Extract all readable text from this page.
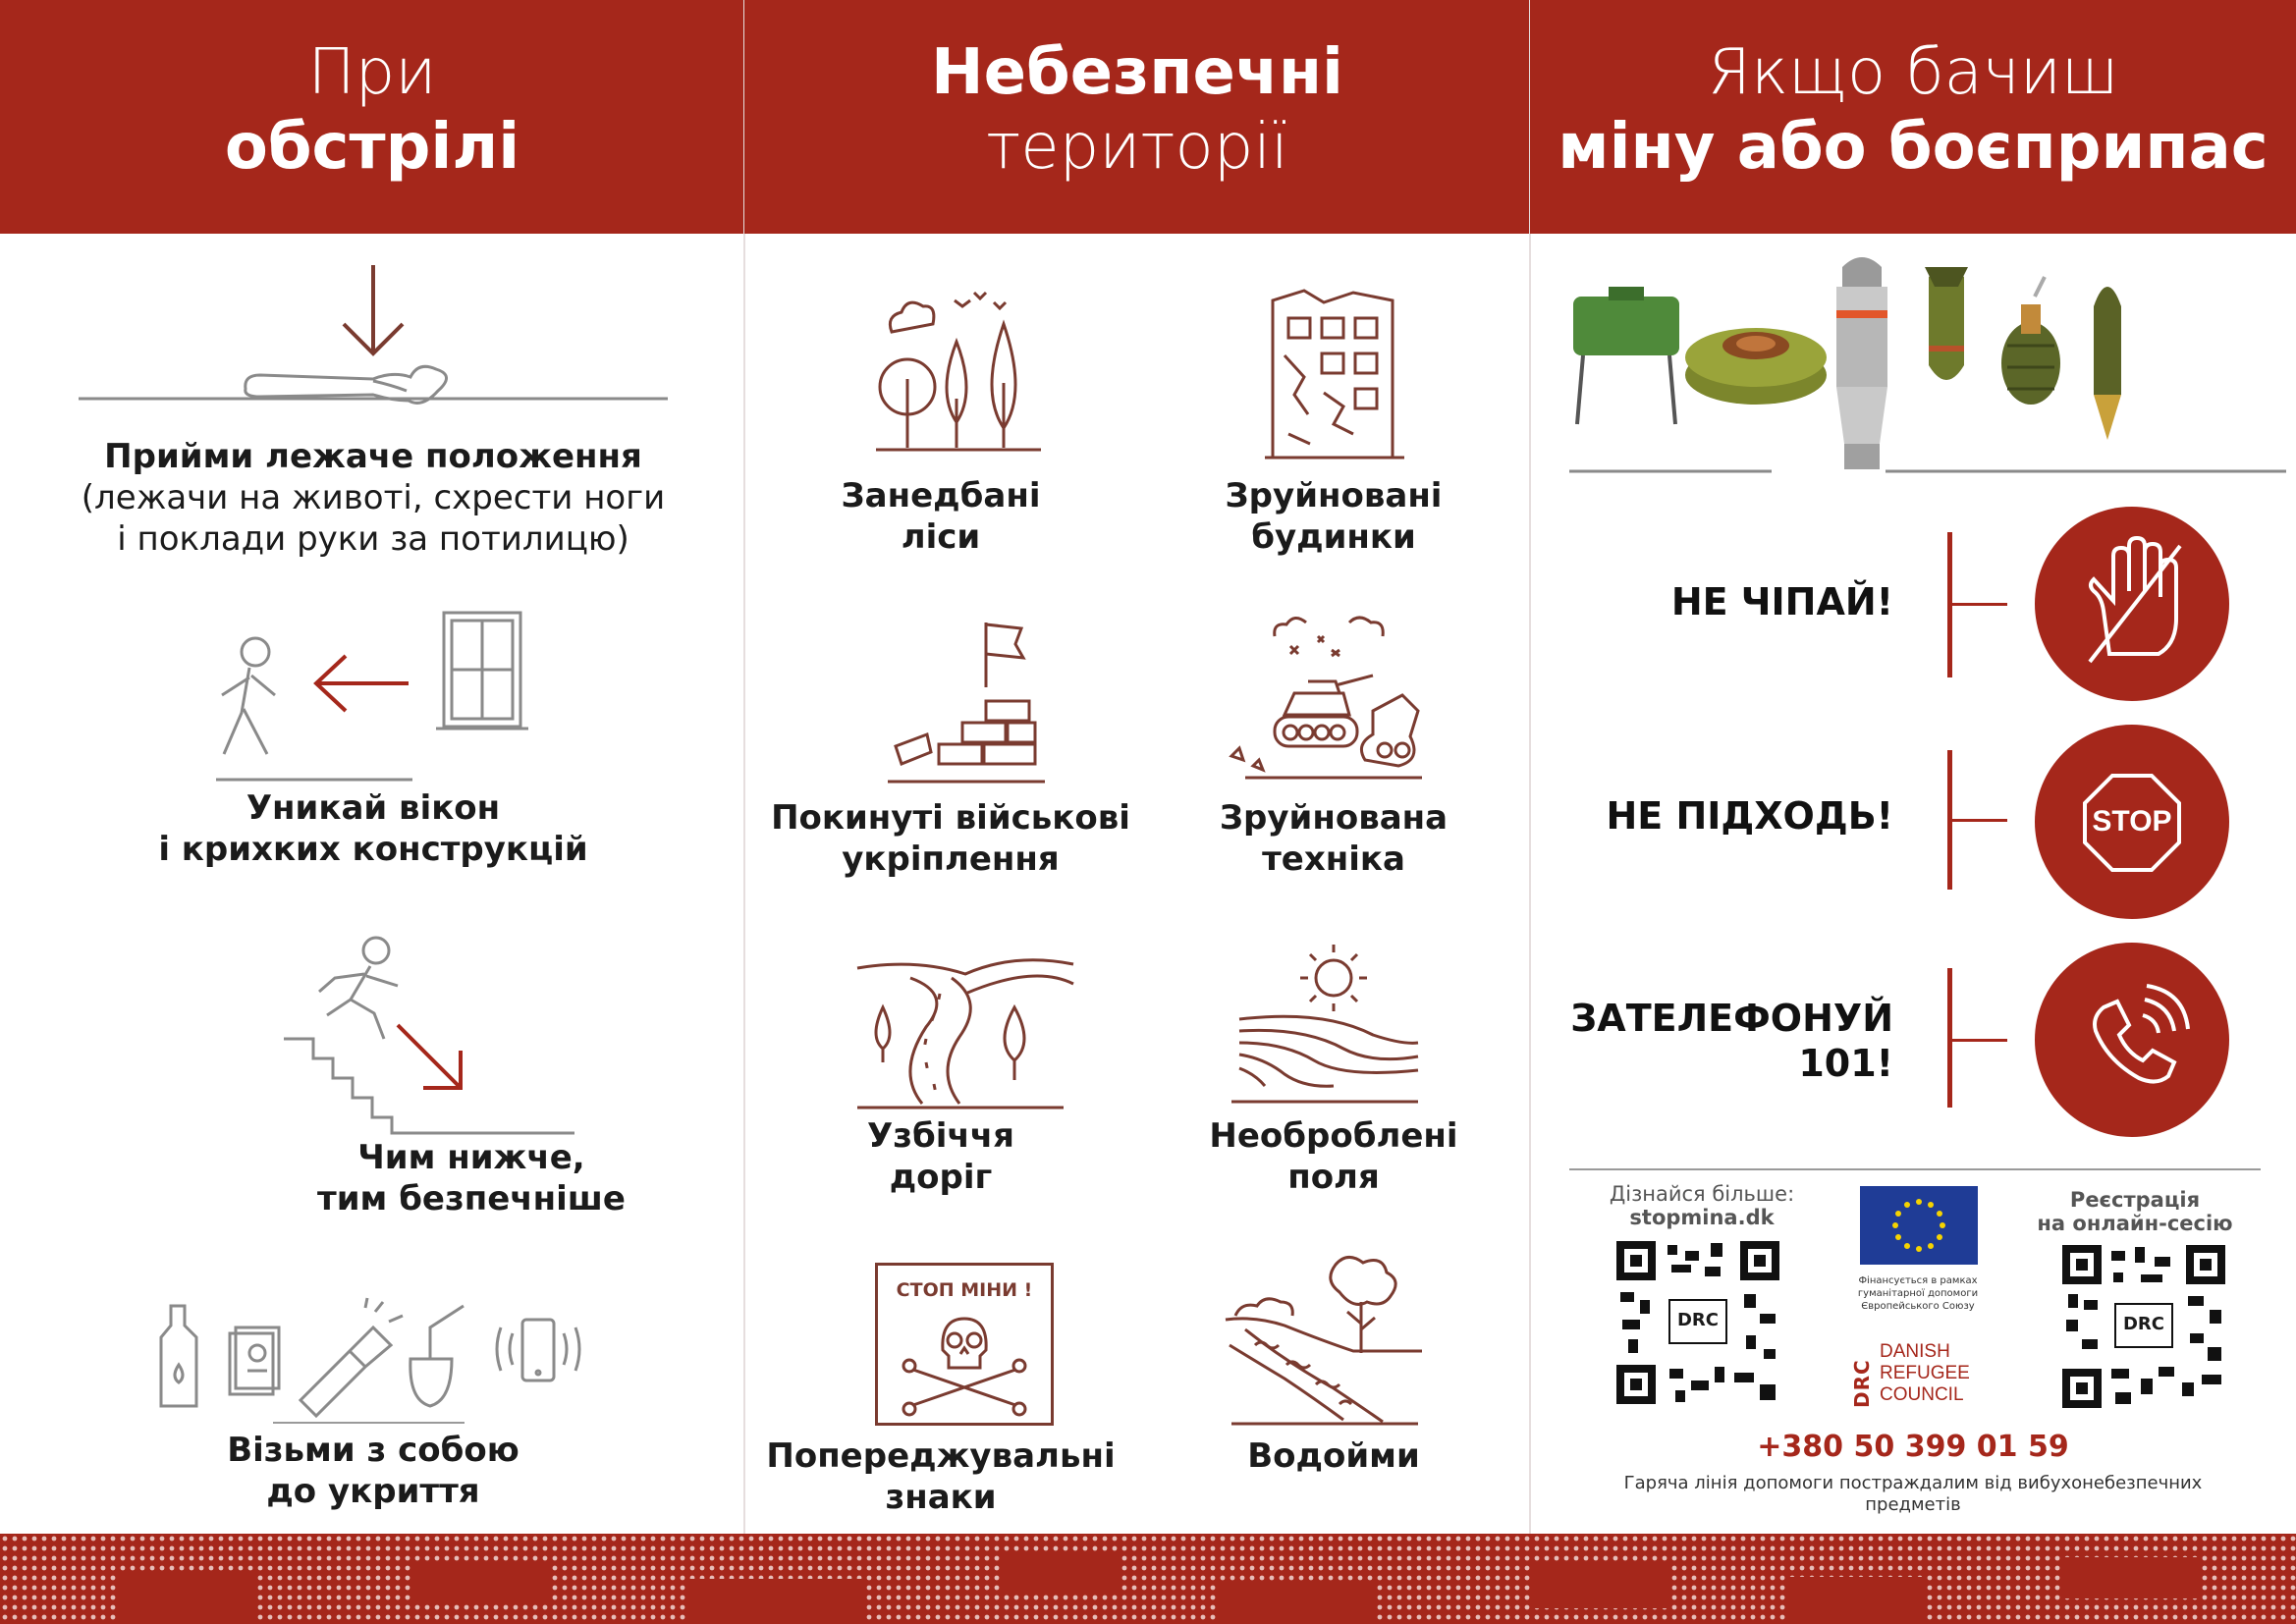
При
обстрілі
Прийми лежаче положення
(лежачи на животі, схрести ноги
і поклади руки за потилицю)
Уникай вікон
і крихких конструкцій
Чим нижче,
тим безпечніше
Візьми з собою
до укриття
Небезпечні
території
Занедбані
ліси
Зруйновані
будинки
Покинуті військові
укріплення
Зруйнована
техніка
Узбіччя
доріг
Необроблені
поля
СТОП МІНИ !
Попереджувальні
знаки
Водойми
Якщо бачиш
міну або боєприпас
НЕ ЧІПАЙ!
НЕ ПІДХОДЬ!	STOP
ЗАТЕЛЕФОНУЙ
101!
Дізнайся більше:
stopmina.dk
DRC
Фінансується в рамках
гуманітарної допомоги
Європейського Союзу
DRC
DANISH
REFUGEE
COUNCIL
Реєстрація
на онлайн-сесію
DRC
+380 50 399 01 59
Гаряча лінія допомоги постраждалим від вибухонебезпечних
предметів
